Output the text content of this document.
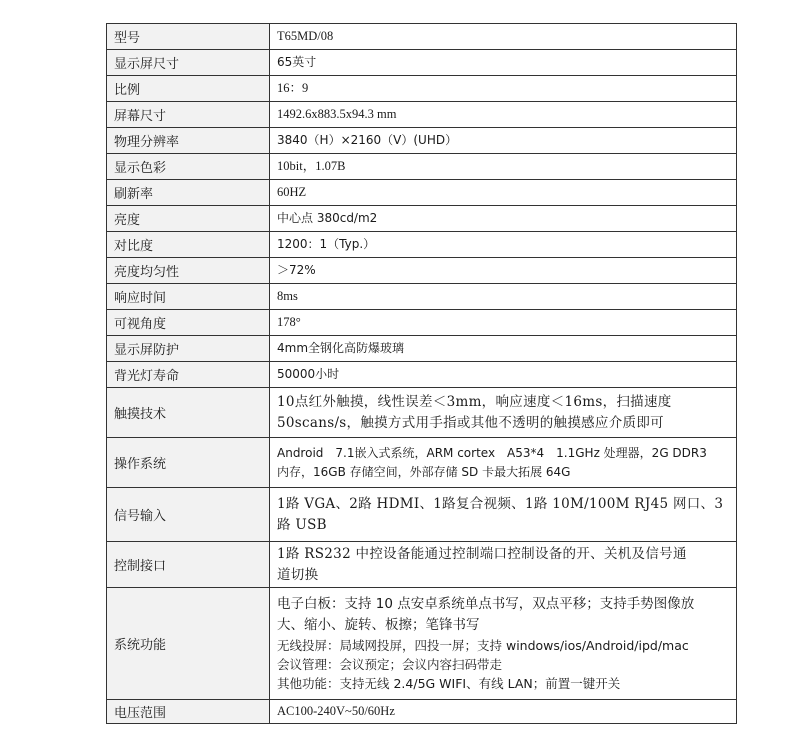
型号	T65MD/08
显示屏尺寸	65英寸
比例	16：9
屏幕尺寸	1492.6x883.5x94.3 mm
物理分辨率	3840（H）×2160（V）(UHD）
显示色彩	10bit，1.07B
刷新率	60HZ
亮度	中心点 380cd/m2
对比度	1200：1（Typ.）
亮度均匀性	＞72%
响应时间	8ms
可视角度	178°
显示屏防护	4mm全钢化高防爆玻璃
背光灯寿命	50000小时
触摸技术	10点红外触摸，线性误差＜3mm，响应速度＜16ms，扫描速度
50scans/s，触摸方式用手指或其他不透明的触摸感应介质即可

操作系统	Android　7.1嵌入式系统，ARM cortex　A53*4　1.1GHz 处理器，2G DDR3
内存，16GB 存储空间，外部存储 SD 卡最大拓展 64G

信号输入	1路 VGA、2路 HDMI、1路复合视频、1路 10M/100M RJ45 网口、3
路 USB

控制接口	1路 RS232 中控设备能通过控制端口控制设备的开、关机及信号通
道切换

系统功能	电子白板：支持 10 点安卓系统单点书写，双点平移；支持手势图像放
大、缩小、旋转、板擦；笔锋书写
无线投屏：局域网投屏，四投一屏；支持 windows/ios/Android/ipd/mac
会议管理：会议预定；会议内容扫码带走
其他功能：支持无线 2.4/5G WIFI、有线 LAN；前置一键开关

电压范围	AC100-240V~50/60Hz
